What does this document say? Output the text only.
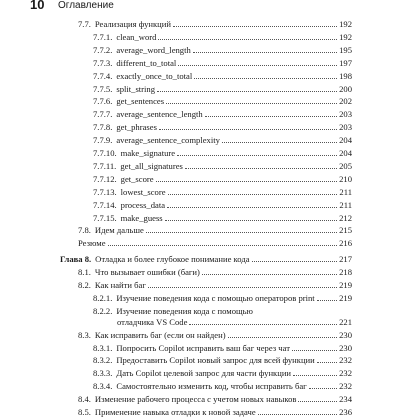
10 Оглавление
7.7. Реализация функций	192
7.7.1. clean_word	192
7.7.2. average_word_length	195
7.7.3. different_to_total	197
7.7.4. exactly_once_to_total	198
7.7.5. split_string	200
7.7.6. get_sentences	202
7.7.7. average_sentence_length	203
7.7.8. get_phrases	203
7.7.9. average_sentence_complexity	204
7.7.10. make_signature	204
7.7.11. get_all_signatures	205
7.7.12. get_score	210
7.7.13. lowest_score	211
7.7.14. process_data	211
7.7.15. make_guess	212
7.8. Идем дальше	215
Резюме	216
Глава 8. Отладка и более глубокое понимание кода	217
8.1. Что вызывает ошибки (баги)	218
8.2. Как найти баг	219
8.2.1. Изучение поведения кода с помощью операторов print	219
8.2.2. Изучение поведения кода с помощью
отладчика VS Code	221
8.3. Как исправить баг (если он найден)	230
8.3.1. Попросить Copilot исправить ваш баг через чат	230
8.3.2. Предоставить Copilot новый запрос для всей функции	232
8.3.3. Дать Copilot целевой запрос для части функции	232
8.3.4. Самостоятельно изменить код, чтобы исправить баг	232
8.4. Изменение рабочего процесса с учетом новых навыков	234
8.5. Применение навыка отладки к новой задаче	236
